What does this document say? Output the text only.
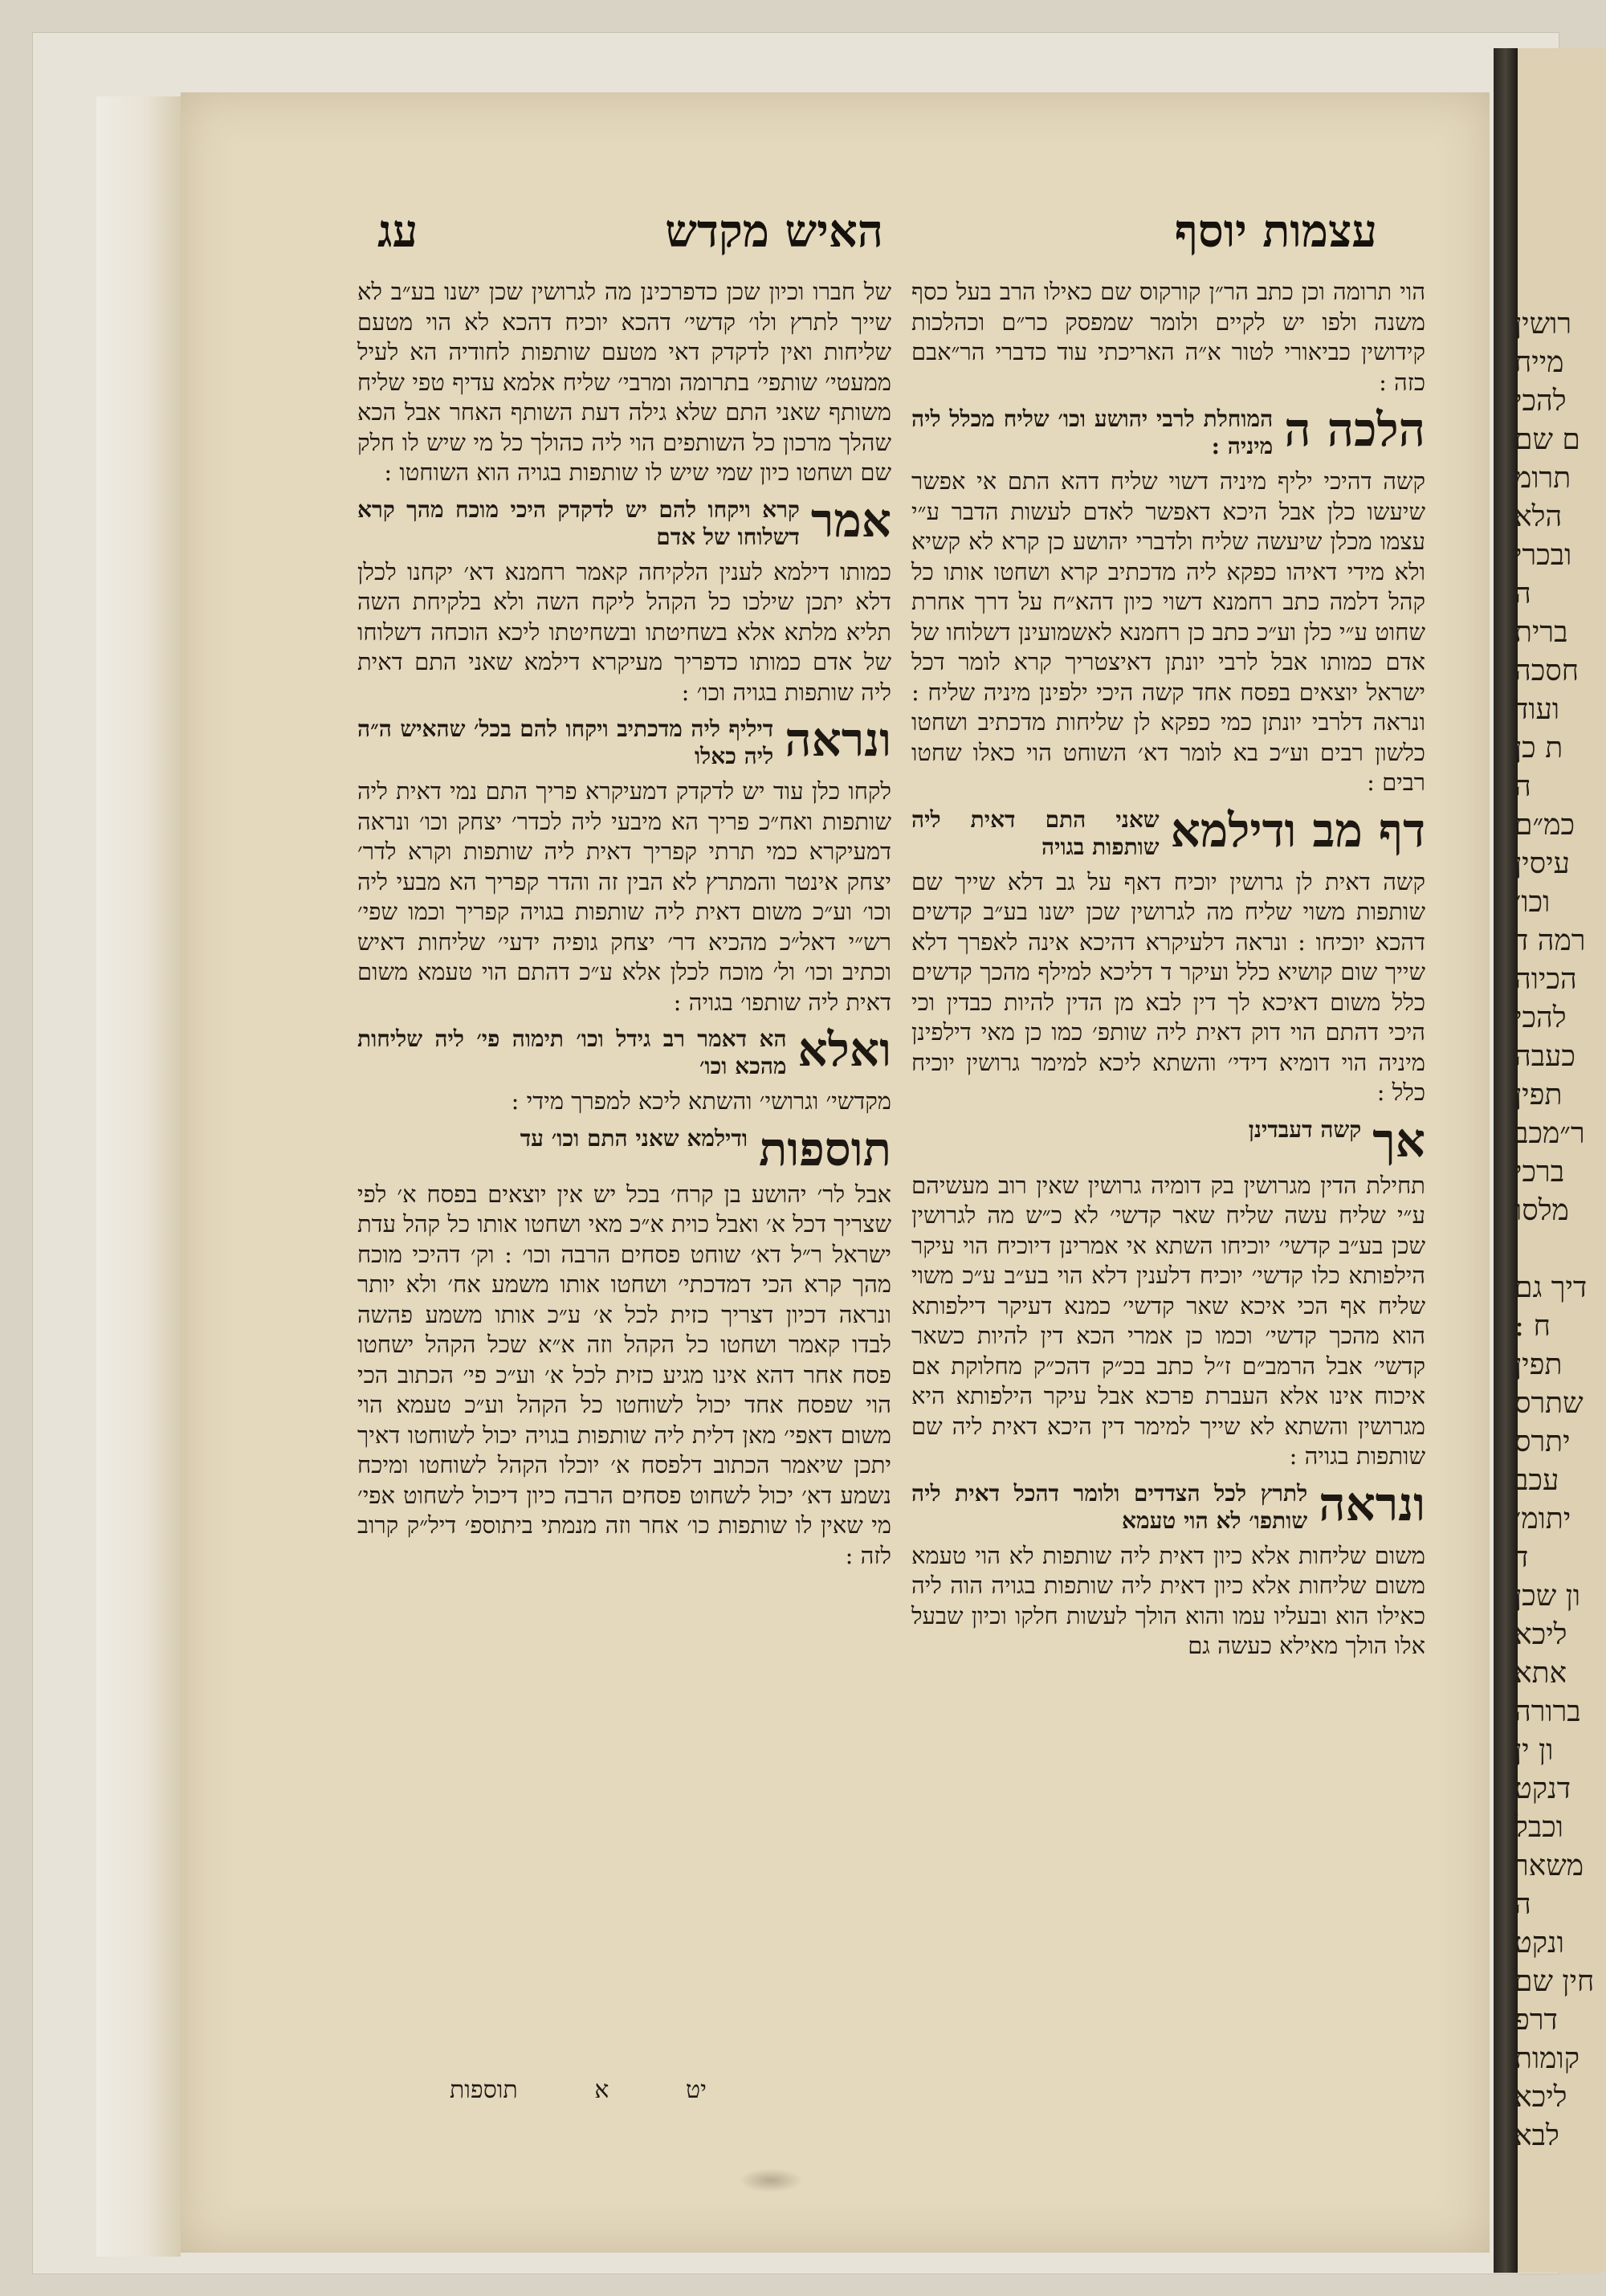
רושין
מייח
להכי
ם שם
תרומ
הלא
ובכרי
ה
ברית
חסכה
ועוד
ת כן
ה
כמ״ם
עיסין
וכו׳
רמה ד
הכיוה
להכי
כעבה
תפין
ר״מכב
ברכי
מלסו

דיך גם
ח :
תפין
שתרס
יתרס
עכב
יתומ׳
ד
ון שכן
ליכא
אתא
ברורה
ון ין
דנקט
וכבל
משאר
ה
ונקט
חין שם
דרפ
קומות
ליכא
לבא
עצמות יוסף
עג	האיש מקדש

הוי תרומה וכן כתב הר״ן קורקוס שם כאילו הרב בעל כסף משנה ולפו יש לקיים ולומר שמפסק כר״ם וכהלכות קידושין כביאורי לטור א״ה האריכתי עוד כדברי הר״אבם כזה :

הלכה ה
המוחלת לרבי יהושע וכו׳ שליח מכלל ליה מיניה :

קשה דהיכי יליף מיניה דשוי שליח דהא התם אי אפשר שיעשו כלן אבל היכא דאפשר לאדם לעשות הדבר ע״י עצמו מכלן שיעשה שליח ולדברי יהושע כן קרא לא קשיא ולא מידי דאיהו כפקא ליה מדכתיב קרא ושחטו אותו כל קהל דלמה כתב רחמנא דשוי כיון דהא״ח על דרך אחרת שחוט ע״י כלן וע״כ כתב כן רחמנא לאשמועינן דשלוחו של אדם כמותו אבל לרבי יונתן דאיצטריך קרא לומר דכל ישראל יוצאים בפסח אחד קשה היכי ילפינן מיניה שליח : ונראה דלרבי יונתן כמי כפקא לן שליחות מדכתיב ושחטו כלשון רבים וע״כ בא לומר דא׳ השוחט הוי כאלו שחטו רבים :

דף מב ודילמא
שאני התם דאית ליה שותפות בגויה

קשה דאית לן גרושין יוכיח דאף על גב דלא שייך שם שותפות משוי שליח מה לגרושין שכן ישנו בע״ב קדשים דהכא יוכיחו : ונראה דלעיקרא דהיכא אינה לאפרך דלא שייך שום קושיא כלל ועיקר ד דליכא למילף מהכך קדשים כלל משום דאיכא לך דין לבא מן הדין להיות כבדין וכי היכי דהתם הוי דוק דאית ליה שותפ׳ כמו כן מאי דילפינן מיניה הוי דומיא דידי׳ והשתא ליכא למימר גרושין יוכיח כלל :

אך
קשה דעבדינן

תחילת הדין מגרושין בק דומיה גרושין שאין רוב מעשיהם ע״י שליח עשה שליח שאר קדשי׳ לא כ״ש מה לגרושין שכן בע״ב קדשי׳ יוכיחו השתא אי אמרינן דיוכיח הוי עיקר הילפותא כלו קדשי׳ יוכיח דלענין דלא הוי בע״ב ע״כ משוי שליח אף הכי איכא שאר קדשי׳ כמנא דעיקר דילפותא הוא מהכך קדשי׳ וכמו כן אמרי הכא דין להיות כשאר קדשי׳ אבל הרמב״ם ז״ל כתב בכ״ק דהכ״ק מחלוקת אם איכוח אינו אלא העברת פרכא אבל עיקר הילפותא היא מגרושין והשתא לא שייך למימר דין היכא דאית ליה שם שותפות בגויה :

ונראה
לתרץ לכל הצדדים ולומר דהכל דאית ליה שותפו׳ לא הוי טעמא

משום שליחות אלא כיון דאית ליה שותפות לא הוי טעמא משום שליחות אלא כיון דאית ליה שותפות בגויה הוה ליה כאילו הוא ובעליו עמו והוא הולך לעשות חלקו וכיון שבעל אלו הולך מאילא כעשה גם

של חברו וכיון שכן כדפרכינן מה לגרושין שכן ישנו בע״ב לא שייך לתרץ ולו׳ קדשי׳ דהכא יוכיח דהכא לא הוי מטעם שליחות ואין לדקדק דאי מטעם שותפות לחודיה הא לעיל ממעטי׳ שותפי׳ בתרומה ומרבי׳ שליח אלמא עדיף טפי שליח משותף שאני התם שלא גילה דעת השותף האחר אבל הכא שהלך מרכון כל השותפים הוי ליה כהולך כל מי שיש לו חלק שם ושחטו כיון שמי שיש לו שותפות בגויה הוא השוחטו :

אמר
קרא ויקחו להם יש לדקדק היכי מוכח מהך קרא דשלוחו של אדם

כמותו דילמא לענין הלקיחה קאמר רחמנא דא׳ יקחנו לכלן דלא יתכן שילכו כל הקהל ליקח השה ולא בלקיחת השה תליא מלתא אלא בשחיטתו ובשחיטתו ליכא הוכחה דשלוחו של אדם כמותו כדפריך מעיקרא דילמא שאני התם דאית ליה שותפות בגויה וכו׳ :

ונראה
דיליף ליה מדכתיב ויקחו להם בכל׳ שהאיש ה״ה ליה כאלו

לקחו כלן עוד יש לדקדק דמעיקרא פריך התם נמי דאית ליה שותפות ואח״כ פריך הא מיבעי ליה לכדר׳ יצחק וכו׳ ונראה דמעיקרא כמי תרתי קפריך דאית ליה שותפות וקרא לדר׳ יצחק אינטר והמתרץ לא הבין זה והדר קפריך הא מבעי ליה וכו׳ וע״כ משום דאית ליה שותפות בגויה קפריך וכמו שפי׳ רש״י דאל״כ מהכיא דר׳ יצחק גופיה ידעי׳ שליחות דאיש וכתיב וכו׳ ול׳ מוכח לכלן אלא ע״כ דהתם הוי טעמא משום דאית ליה שותפו׳ בגויה :

ואלא
הא דאמר רב גידל וכו׳ תימוה פי׳ ליה שליחות מהכא וכו׳

מקדשי׳ וגרושי׳ והשתא ליכא למפרך מידי :

תוספות
ודילמא שאני התם וכו׳ עד

אבל לר׳ יהושע בן קרח׳ בכל יש אין יוצאים בפסח א׳ לפי שצריך דכל א׳ ואבל כוית א״כ מאי ושחטו אותו כל קהל עדת ישראל ר״ל דא׳ שוחט פסחים הרבה וכו׳ : וק׳ דהיכי מוכח מהך קרא הכי דמדכתי׳ ושחטו אותו משמע אח׳ ולא יותר ונראה דכיון דצריך כזית לכל א׳ ע״כ אותו משמע פהשה לבדו קאמר ושחטו כל הקהל וזה א״א שכל הקהל ישחטו פסח אחר דהא אינו מגיע כזית לכל א׳ וע״כ פי׳ הכתוב הכי הוי שפסח אחד יכול לשוחטו כל הקהל וע״כ טעמא הוי משום דאפי׳ מאן דלית ליה שותפות בגויה יכול לשוחטו דאיך יתכן שיאמר הכתוב דלפסח א׳ יוכלו הקהל לשוחטו ומיכח נשמע דא׳ יכול לשחוט פסחים הרבה כיון דיכול לשחוט אפי׳ מי שאין לו שותפות כו׳ אחר וזה מנמתי ביתוספ׳ דיל״ק קרוב לזה :

יט
א
תוספות
